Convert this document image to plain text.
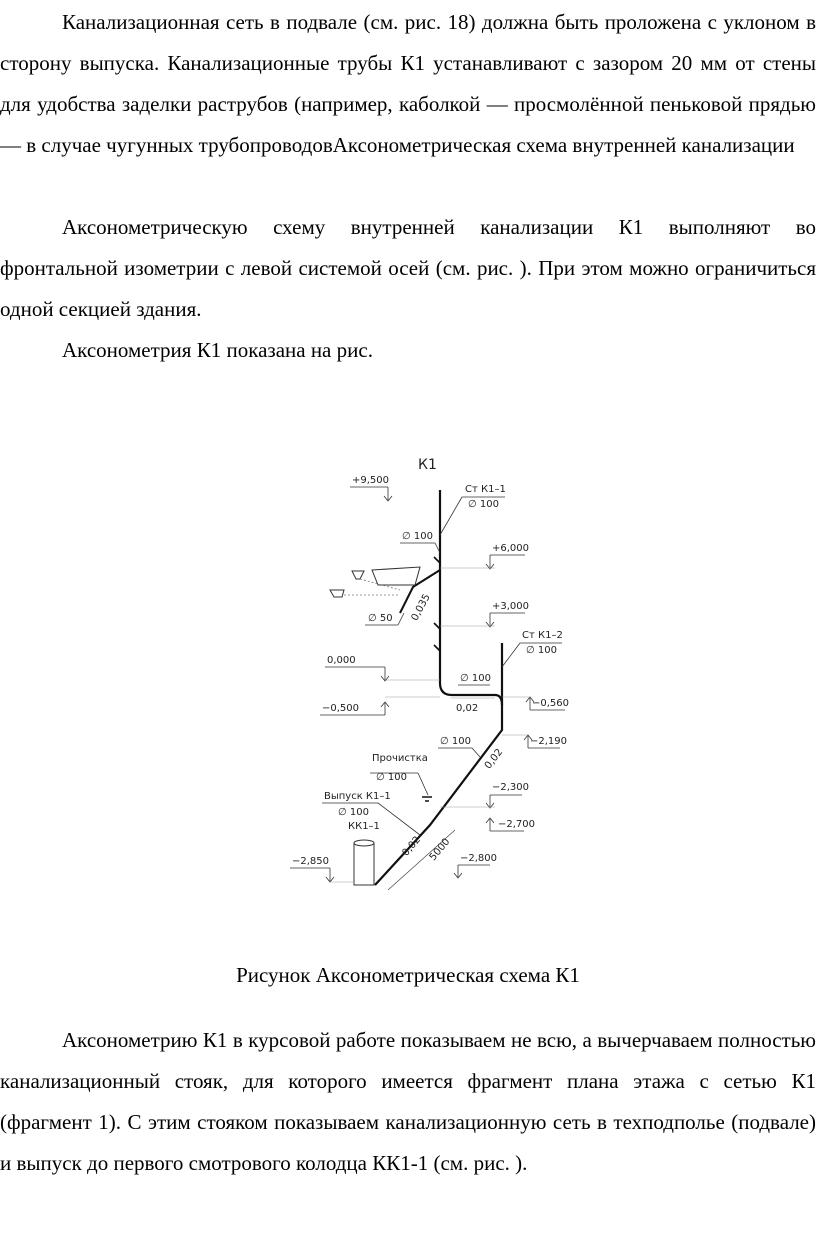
Канализационная сеть в подвале (см. рис. 18) должна быть проложена с уклоном в сторону выпуска. Канализационные трубы К1 устанавливают с зазором 20 мм от стены для удобства заделки раструбов (например, каболкой — просмолённой пеньковой прядью — в случае чугунных трубопроводовАксонометрическая схема внутренней канализации

Аксонометрическую схему внутренней канализации К1 выполняют во фронтальной изометрии с левой системой осей (см. рис. ). При этом можно ограничиться одной секцией здания.

Аксонометрия К1 показана на рис.

К1
+9,500
Ст К1–1
∅ 100
∅ 100
+6,000
+3,000
0,035
∅ 50
Ст К1–2
∅ 100
0,000
∅ 100
−0,500	0,02	−0,560
∅ 100
0,02
−2,190
Прочистка
∅ 100
−2,300
Выпуск К1–1
∅ 100
−2,700
КК1–1
0,02 5000 −2,800
−2,850
Рисунок Аксонометрическая схема К1

Аксонометрию К1 в курсовой работе показываем не всю, а вычерчаваем полностью канализационный стояк, для которого имеется фрагмент плана этажа с сетью К1 (фрагмент 1). С этим стояком показываем канализационную сеть в техподполье (подвале) и выпуск до первого смотрового колодца КК1-1 (см. рис. ).
